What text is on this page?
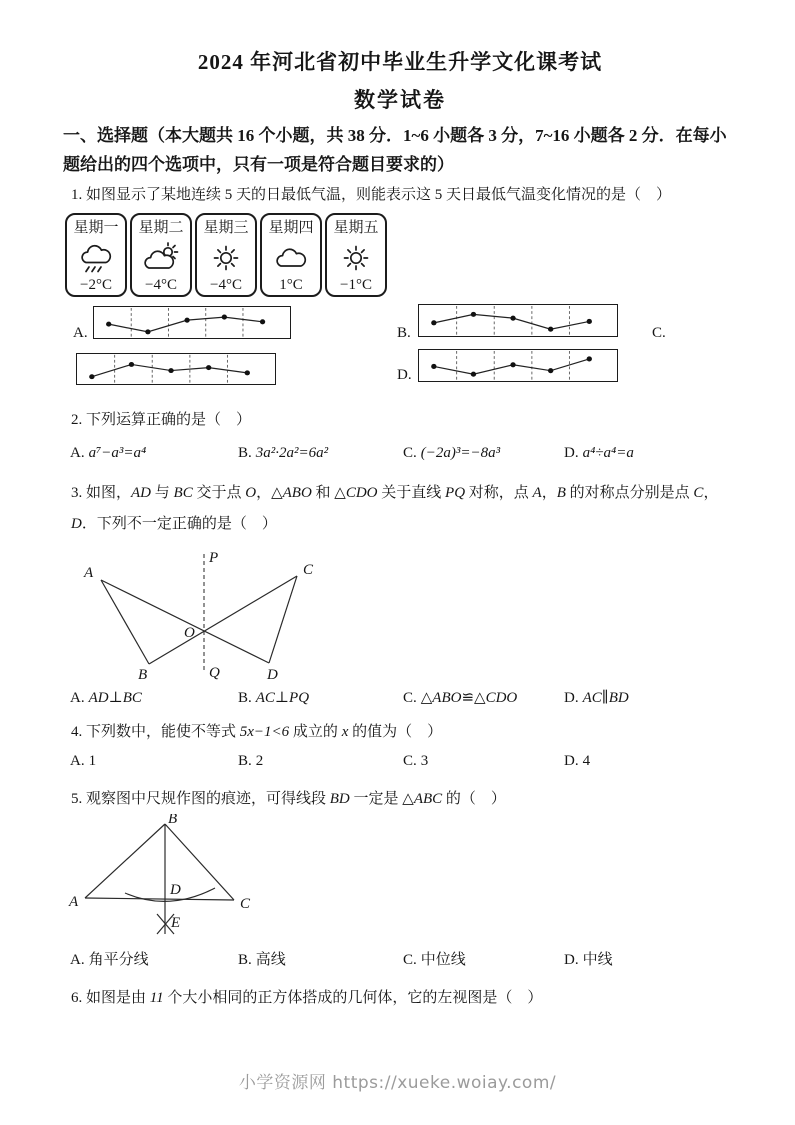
2024 年河北省初中毕业生升学文化课考试
数学试卷
一、选择题（本大题共 16 个小题，共 38 分．1~6 小题各 3 分，7~16 小题各 2 分．在每小题给出的四个选项中，只有一项是符合题目要求的）
1. 如图显示了某地连续 5 天的日最低气温，则能表示这 5 天日最低气温变化情况的是（　）
星期一
−2°C
星期二
−4°C
星期三
−4°C
星期四
1°C
星期五
−1°C
A.	B.	C.
D.
2. 下列运算正确的是（　）
A. a⁷−a³=a⁴	B. 3a²·2a²=6a²	C. (−2a)³=−8a³	D. a⁴÷a⁴=a
3. 如图，AD 与 BC 交于点 O，△ABO 和 △CDO 关于直线 PQ 对称，点 A，B 的对称点分别是点 C，D．下列不一定正确的是（　）
P
Q
O
A	C
B	D
A. AD⊥BC	B. AC⊥PQ	C. △ABO≌△CDO	D. AC∥BD
4. 下列数中，能使不等式 5x−1<6 成立的 x 的值为（　）
A. 1	B. 2	C. 3	D. 4
5. 观察图中尺规作图的痕迹，可得线段 BD 一定是 △ABC 的（　）
B
A	C
D
E
A. 角平分线	B. 高线	C. 中位线	D. 中线
6. 如图是由 11 个大小相同的正方体搭成的几何体，它的左视图是（　）
小学资源网 https://xueke.woiay.com/
